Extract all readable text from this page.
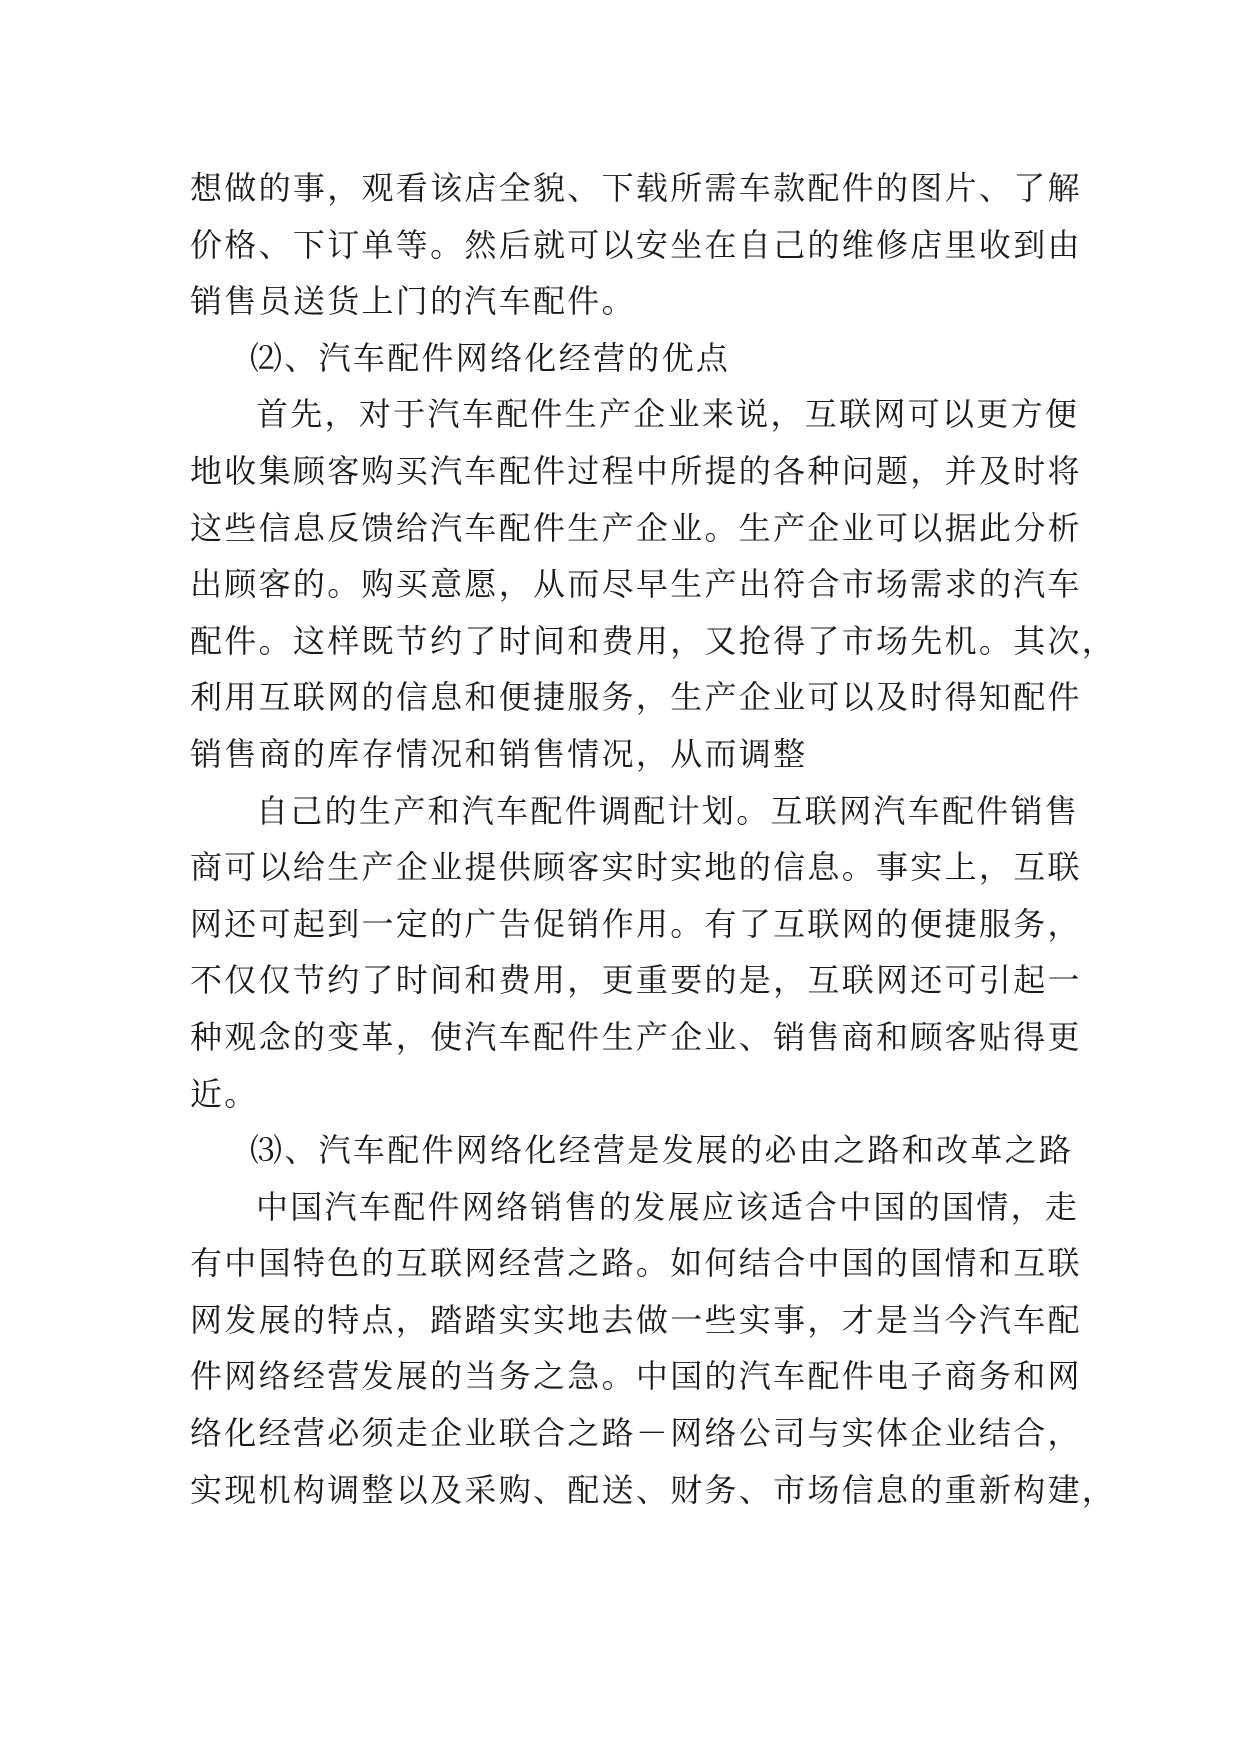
想做的事，观看该店全貌、下载所需车款配件的图片、了解
价格、下订单等。然后就可以安坐在自己的维修店里收到由
销售员送货上门的汽车配件。
⑵、汽车配件网络化经营的优点
首先，对于汽车配件生产企业来说，互联网可以更方便
地收集顾客购买汽车配件过程中所提的各种问题，并及时将
这些信息反馈给汽车配件生产企业。生产企业可以据此分析
出顾客的。购买意愿，从而尽早生产出符合市场需求的汽车
配件。这样既节约了时间和费用，又抢得了市场先机。其次，
利用互联网的信息和便捷服务，生产企业可以及时得知配件
销售商的库存情况和销售情况，从而调整
自己的生产和汽车配件调配计划。互联网汽车配件销售
商可以给生产企业提供顾客实时实地的信息。事实上，互联
网还可起到一定的广告促销作用。有了互联网的便捷服务，
不仅仅节约了时间和费用，更重要的是，互联网还可引起一
种观念的变革，使汽车配件生产企业、销售商和顾客贴得更
近。
⑶、汽车配件网络化经营是发展的必由之路和改革之路
中国汽车配件网络销售的发展应该适合中国的国情，走
有中国特色的互联网经营之路。如何结合中国的国情和互联
网发展的特点，踏踏实实地去做一些实事，才是当今汽车配
件网络经营发展的当务之急。中国的汽车配件电子商务和网
络化经营必须走企业联合之路－网络公司与实体企业结合，
实现机构调整以及采购、配送、财务、市场信息的重新构建，
